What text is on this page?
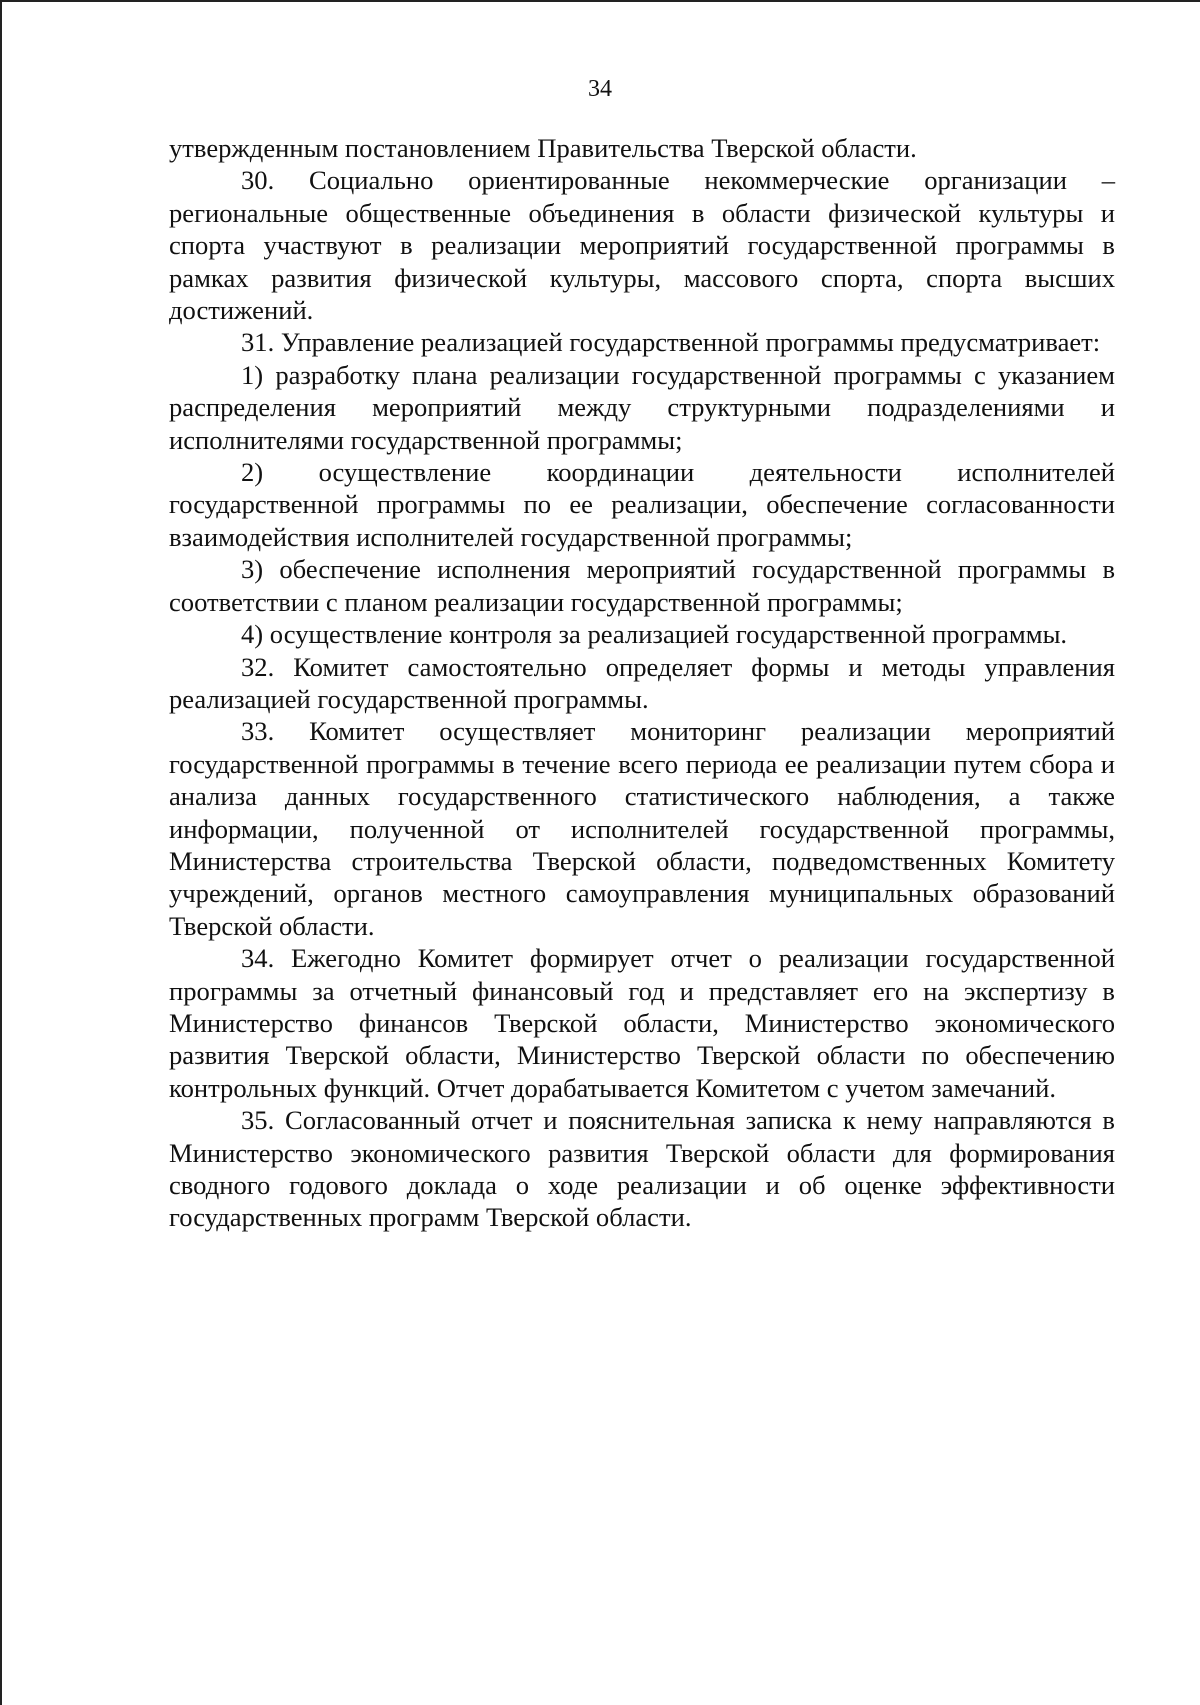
34

утвержденным постановлением Правительства Тверской области.

30. Социально ориентированные некоммерческие организации – региональные общественные объединения в области физической культуры и спорта участвуют в реализации мероприятий государственной программы в рамках развития физической культуры, массового спорта, спорта высших достижений.

31. Управление реализацией государственной программы предусматривает:

1) разработку плана реализации государственной программы с указанием распределения мероприятий между структурными подразделениями и исполнителями государственной программы;

2) осуществление координации деятельности исполнителей государственной программы по ее реализации, обеспечение согласованности взаимодействия исполнителей государственной программы;

3) обеспечение исполнения мероприятий государственной программы в соответствии с планом реализации государственной программы;

4) осуществление контроля за реализацией государственной программы.

32. Комитет самостоятельно определяет формы и методы управления реализацией государственной программы.

33. Комитет осуществляет мониторинг реализации мероприятий государственной программы в течение всего периода ее реализации путем сбора и анализа данных государственного статистического наблюдения, а также информации, полученной от исполнителей государственной программы, Министерства строительства Тверской области, подведомственных Комитету учреждений, органов местного самоуправления муниципальных образований Тверской области.

34. Ежегодно Комитет формирует отчет о реализации государственной программы за отчетный финансовый год и представляет его на экспертизу в Министерство финансов Тверской области, Министерство экономического развития Тверской области, Министерство Тверской области по обеспечению контрольных функций. Отчет дорабатывается Комитетом с учетом замечаний.

35. Согласованный отчет и пояснительная записка к нему направляются в Министерство экономического развития Тверской области для формирования сводного годового доклада о ходе реализации и об оценке эффективности государственных программ Тверской области.
